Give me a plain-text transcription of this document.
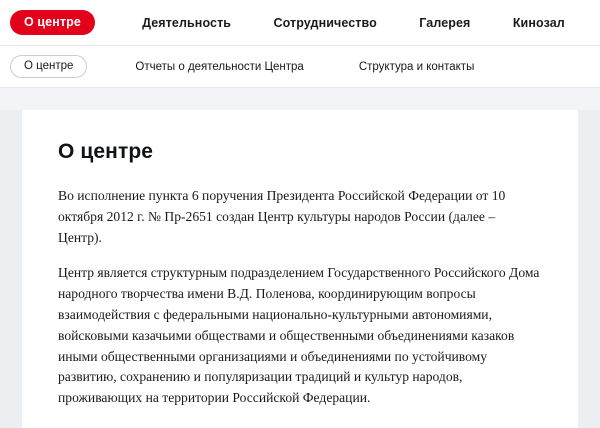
О центре	Деятельность	Сотрудничество	Галерея	Кинозал
О центре	Отчеты о деятельности Центра	Структура и контакты
О центре

Во исполнение пункта 6 поручения Президента Российской Федерации от 10 октября 2012 г. № Пр-2651 создан Центр культуры народов России (далее – Центр).

Центр является структурным подразделением Государственного Российского Дома народного творчества имени В.Д. Поленова, координирующим вопросы взаимодействия с федеральными национально-культурными автономиями, войсковыми казачьими обществами и общественными объединениями казаков иными общественными организациями и объединениями по устойчивому развитию, сохранению и популяризации традиций и культур народов, проживающих на территории Российской Федерации.
